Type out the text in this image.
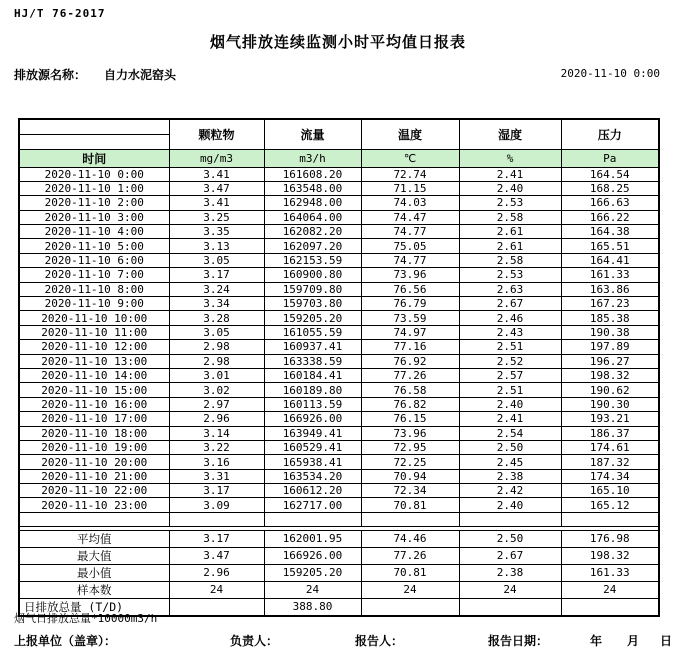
HJ/T 76-2017
烟气排放连续监测小时平均值日报表
排放源名称： 自力水泥窑头	2020-11-10 0:00
	颗粒物	流量	温度	湿度	压力

时间	mg/m3	m3/h	℃	%	Pa
2020-11-10 0:00	3.41	161608.20	72.74	2.41	164.54
2020-11-10 1:00	3.47	163548.00	71.15	2.40	168.25
2020-11-10 2:00	3.41	162948.00	74.03	2.53	166.63
2020-11-10 3:00	3.25	164064.00	74.47	2.58	166.22
2020-11-10 4:00	3.35	162082.20	74.77	2.61	164.38
2020-11-10 5:00	3.13	162097.20	75.05	2.61	165.51
2020-11-10 6:00	3.05	162153.59	74.77	2.58	164.41
2020-11-10 7:00	3.17	160900.80	73.96	2.53	161.33
2020-11-10 8:00	3.24	159709.80	76.56	2.63	163.86
2020-11-10 9:00	3.34	159703.80	76.79	2.67	167.23
2020-11-10 10:00	3.28	159205.20	73.59	2.46	185.38
2020-11-10 11:00	3.05	161055.59	74.97	2.43	190.38
2020-11-10 12:00	2.98	160937.41	77.16	2.51	197.89
2020-11-10 13:00	2.98	163338.59	76.92	2.52	196.27
2020-11-10 14:00	3.01	160184.41	77.26	2.57	198.32
2020-11-10 15:00	3.02	160189.80	76.58	2.51	190.62
2020-11-10 16:00	2.97	160113.59	76.82	2.40	190.30
2020-11-10 17:00	2.96	166926.00	76.15	2.41	193.21
2020-11-10 18:00	3.14	163949.41	73.96	2.54	186.37
2020-11-10 19:00	3.22	160529.41	72.95	2.50	174.61
2020-11-10 20:00	3.16	165938.41	72.25	2.45	187.32
2020-11-10 21:00	3.31	163534.20	70.94	2.38	174.34
2020-11-10 22:00	3.17	160612.20	72.34	2.42	165.10
2020-11-10 23:00	3.09	162717.00	70.81	2.40	165.12

平均值	3.17	162001.95	74.46	2.50	176.98
最大值	3.47	166926.00	77.26	2.67	198.32
最小值	2.96	159205.20	70.81	2.38	161.33
样本数	24	24	24	24	24
日排放总量 (T/D)		388.80			
烟气日排放总量*10000m3/h
上报单位（盖章）：	负责人：	报告人：	报告日期：	年 月 日
